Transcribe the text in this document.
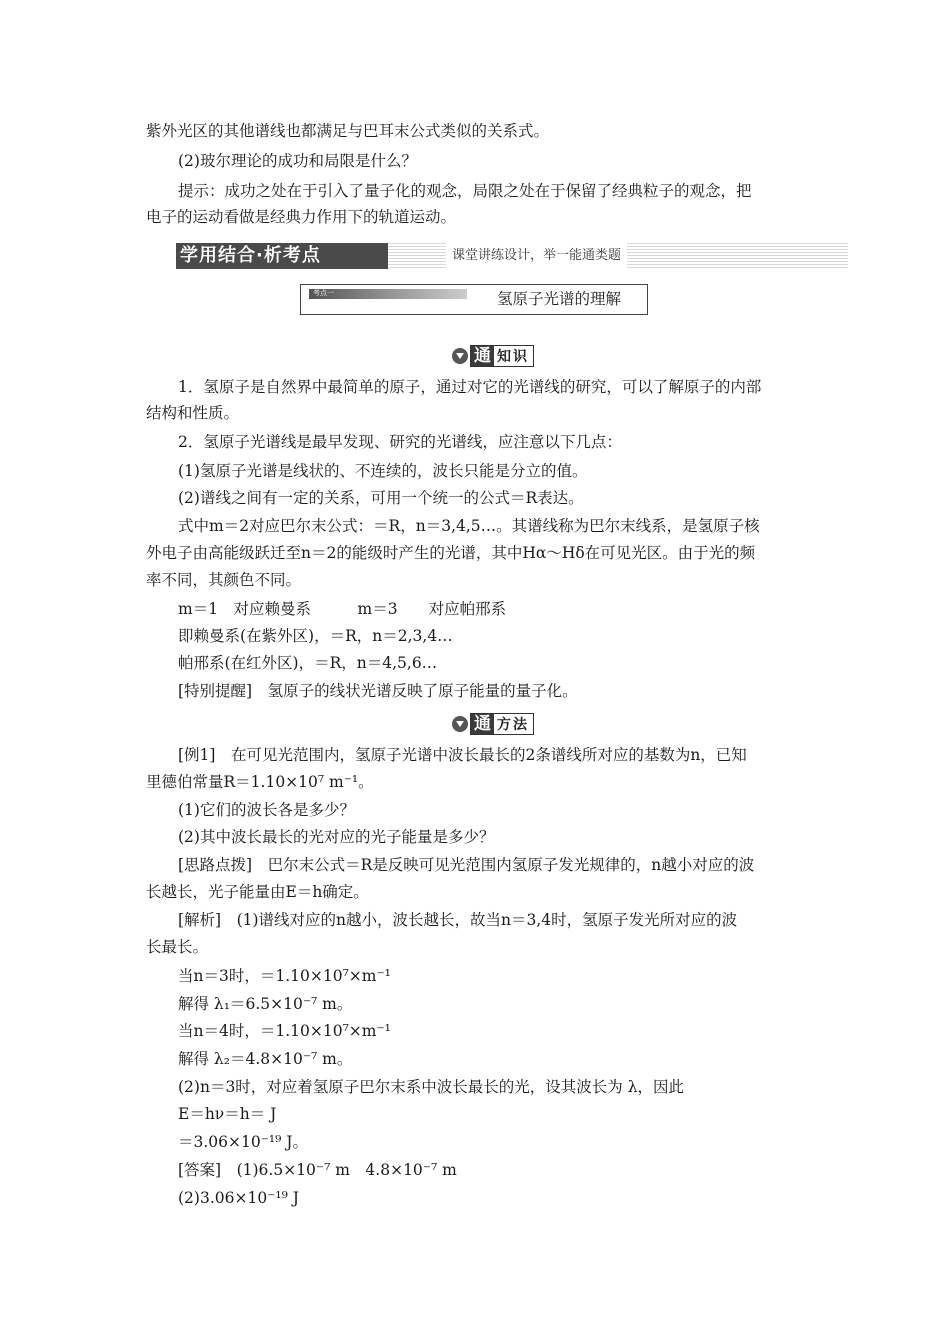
紫外光区的其他谱线也都满足与巴耳末公式类似的关系式。
(2)玻尔理论的成功和局限是什么？
提示：成功之处在于引入了量子化的观念，局限之处在于保留了经典粒子的观念，把
电子的运动看做是经典力作用下的轨道运动。
学用结合·析考点	课堂讲练设计，举一能通类题
考点一	氢原子光谱的理解
通 知识
1．氢原子是自然界中最简单的原子，通过对它的光谱线的研究，可以了解原子的内部
结构和性质。
2．氢原子光谱线是最早发现、研究的光谱线，应注意以下几点：
(1)氢原子光谱是线状的、不连续的，波长只能是分立的值。
(2)谱线之间有一定的关系，可用一个统一的公式＝R表达。
式中m＝2对应巴尔末公式：＝R，n＝3,4,5…。其谱线称为巴尔末线系，是氢原子核
外电子由高能级跃迁至n＝2的能级时产生的光谱，其中Hα～Hδ在可见光区。由于光的频
率不同，其颜色不同。
m＝1　对应赖曼系　　　m＝3　　对应帕邢系
即赖曼系(在紫外区)，＝R，n＝2,3,4…
帕邢系(在红外区)，＝R，n＝4,5,6…
[特别提醒]　氢原子的线状光谱反映了原子能量的量子化。
通 方法
[例1]　在可见光范围内，氢原子光谱中波长最长的2条谱线所对应的基数为n，已知
里德伯常量R＝1.10×10⁷ m⁻¹。
(1)它们的波长各是多少？
(2)其中波长最长的光对应的光子能量是多少？
[思路点拨]　巴尔末公式＝R是反映可见光范围内氢原子发光规律的，n越小对应的波
长越长，光子能量由E＝h确定。
[解析]　(1)谱线对应的n越小，波长越长，故当n＝3,4时，氢原子发光所对应的波
长最长。
当n＝3时，＝1.10×10⁷×m⁻¹
解得 λ₁＝6.5×10⁻⁷ m。
当n＝4时，＝1.10×10⁷×m⁻¹
解得 λ₂＝4.8×10⁻⁷ m。
(2)n＝3时，对应着氢原子巴尔末系中波长最长的光，设其波长为 λ，因此
E＝hν＝h＝ J
＝3.06×10⁻¹⁹ J。
[答案]　(1)6.5×10⁻⁷ m　4.8×10⁻⁷ m
(2)3.06×10⁻¹⁹ J
